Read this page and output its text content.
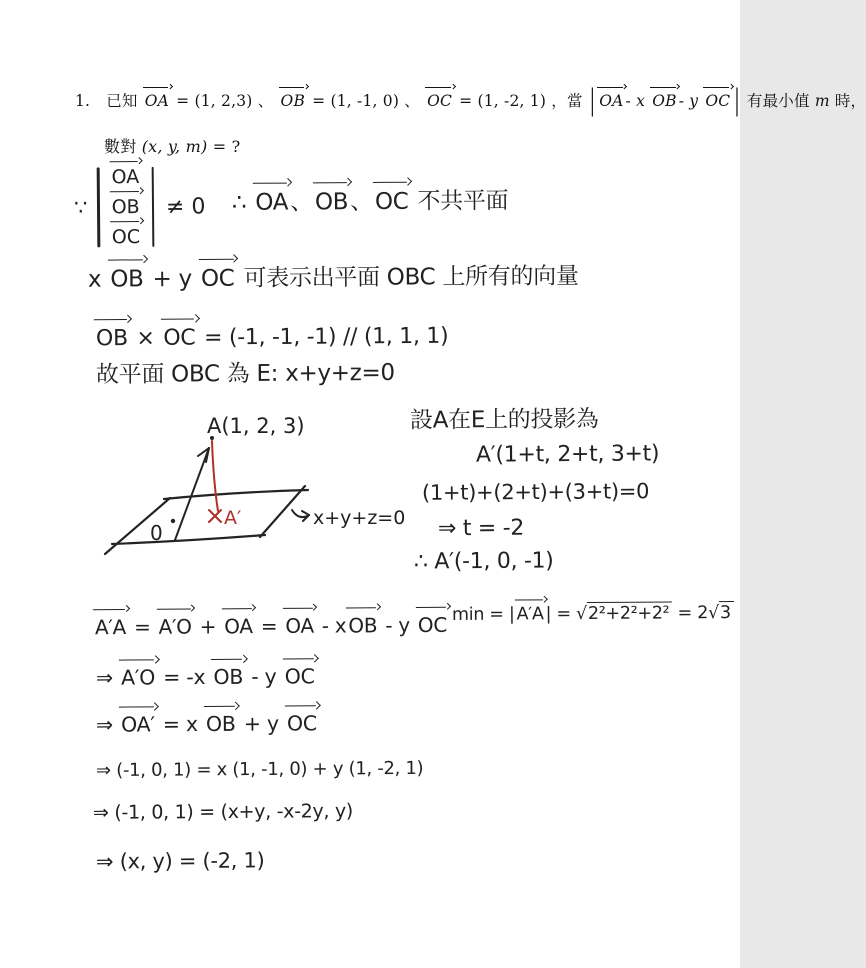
∵
OA
OB
OC
≠ 0
1. 已知 OA = (1, 2,3) 、 OB = (1, -1, 0) 、 OC = (1, -2, 1) ，當 | OA - x OB - y OC | 有最小值 m 時，
數對 (x, y, m) = ?
∴ OA、OB、OC 不共平面
x OB + y OC 可表示出平面 OBC 上所有的向量
OB × OC = (-1, -1, -1) // (1, 1, 1)
故平面 OBC 為 E: x+y+z=0
設A在E上的投影為
A′(1+t, 2+t, 3+t)
(1+t)+(2+t)+(3+t)=0
⇒ t = -2
∴ A′(-1, 0, -1)
min = | A′A | = √2²+2²+2² = 2√3
A′A = A′O + OA = OA - xOB - y OC
⇒ A′O = -x OB - y OC
⇒ OA′ = x OB + y OC
⇒ (-1, 0, 1) = x (1, -1, 0) + y (1, -2, 1)
⇒ (-1, 0, 1) = (x+y, -x-2y, y)
⇒ (x, y) = (-2, 1)
A(1, 2, 3)
0
A′	x+y+z=0
